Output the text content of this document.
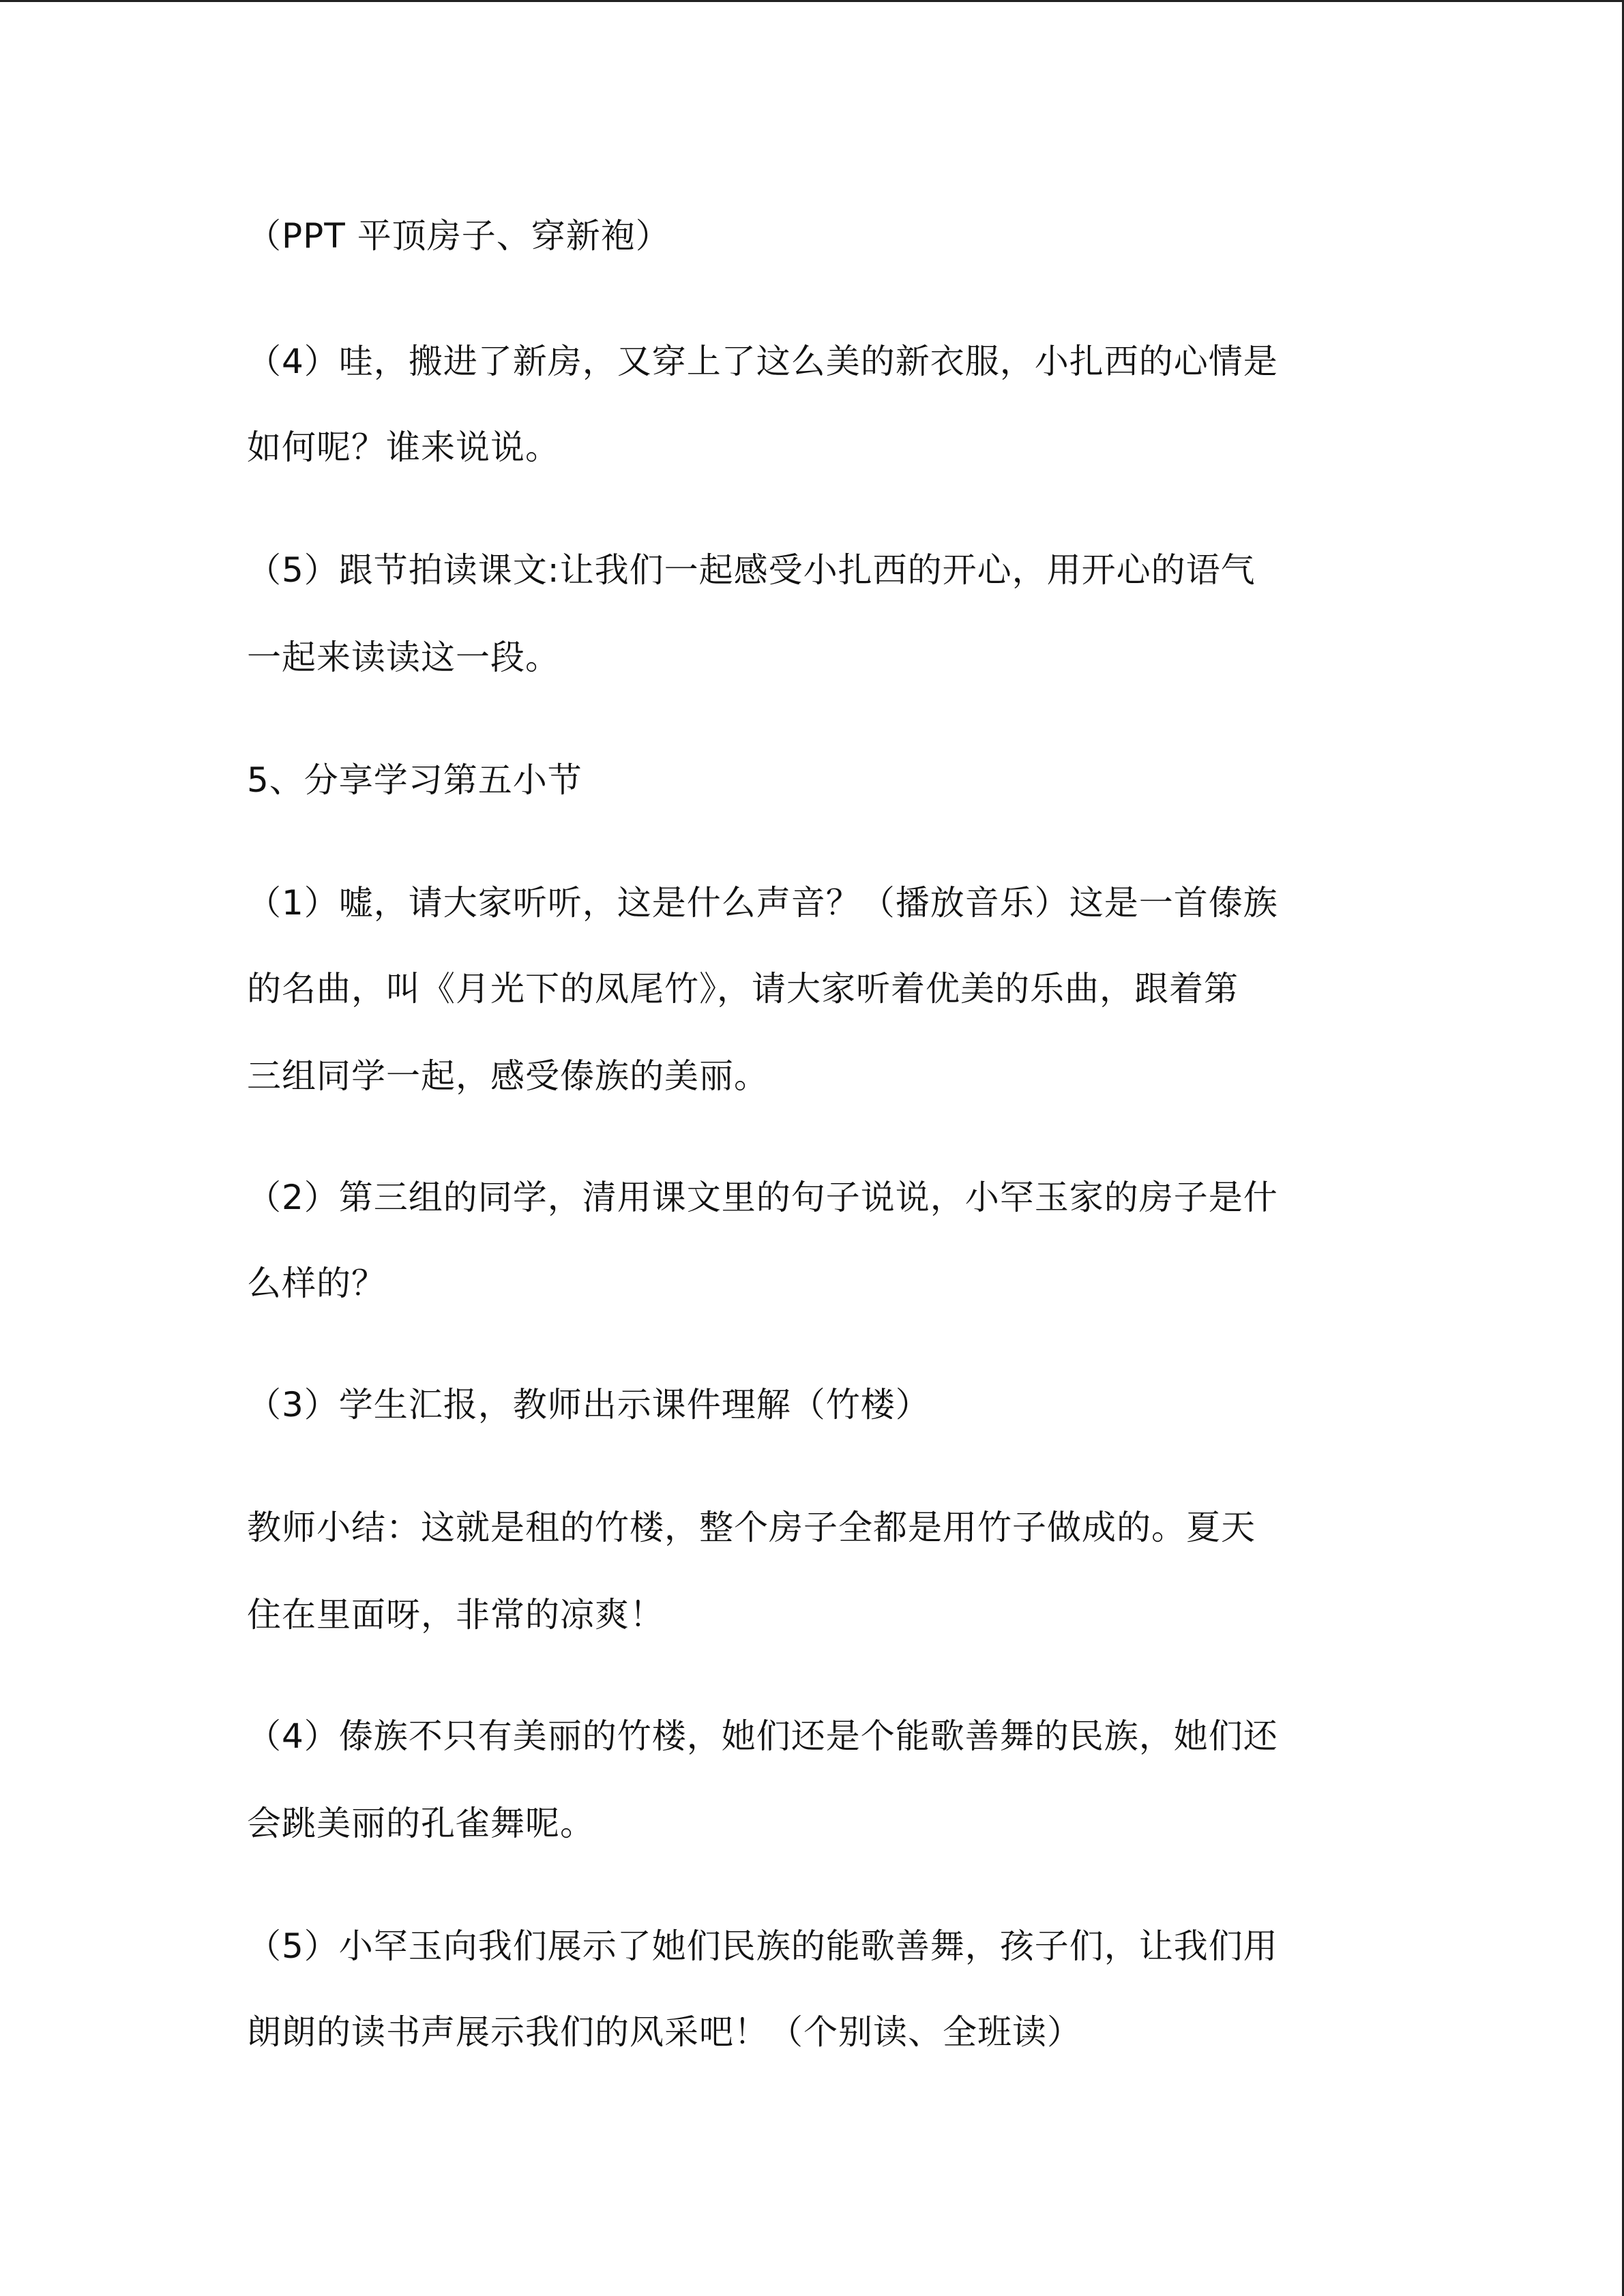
（PPT 平顶房子、穿新袍）
（4）哇，搬进了新房，又穿上了这么美的新衣服，小扎西的心情是
如何呢？谁来说说。
（5）跟节拍读课文:让我们一起感受小扎西的开心，用开心的语气
一起来读读这一段。
5、分享学习第五小节
（1）嘘，请大家听听，这是什么声音？（播放音乐）这是一首傣族
的名曲，叫《月光下的凤尾竹》，请大家听着优美的乐曲，跟着第
三组同学一起，感受傣族的美丽。
（2）第三组的同学，清用课文里的句子说说，小罕玉家的房子是什
么样的？
（3）学生汇报，教师出示课件理解（竹楼）
教师小结：这就是租的竹楼，整个房子全都是用竹子做成的。夏天
住在里面呀，非常的凉爽！
（4）傣族不只有美丽的竹楼，她们还是个能歌善舞的民族，她们还
会跳美丽的孔雀舞呢。
（5）小罕玉向我们展示了她们民族的能歌善舞，孩子们，让我们用
朗朗的读书声展示我们的风采吧！（个别读、全班读）
